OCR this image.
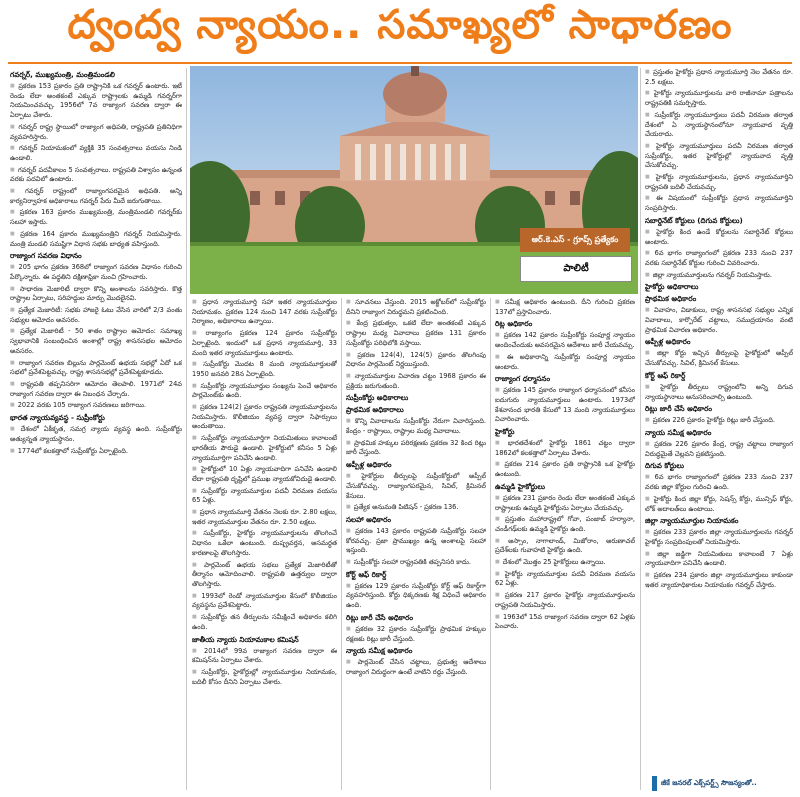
ద్వంద్వ న్యాయం.. సమాఖ్యలో సాధారణం
గవర్నర్‌, ముఖ్యమంత్రి, మంత్రిమండలి

■ ప్రకరణ 153 ప్రకారం ప్రతి రాష్ట్రానికి ఒక గవర్నర్‌ ఉంటారు. ఇటీ రెండు లేదా అంతకంటే ఎక్కువ రాష్ట్రాలకు ఉమ్మడి గవర్నర్‌గా నియమించవచ్చు. 1956లో 7వ రాజ్యాంగ సవరణ ద్వారా ఈ ఏర్పాటు చేశారు.

■ గవర్నర్‌ రాష్ట్ర స్థాయిలో రాజ్యాంగ అధిపతి, రాష్ట్రపతి ప్రతినిధిగా వ్యవహరిస్తారు.

■ గవర్నర్‌ నియామకంలో వ్యక్తికి 35 సంవత్సరాలు వయసు నిండి ఉండాలి.

■ గవర్నర్‌ పదవీకాలం 5 సంవత్సరాలు. రాష్ట్రపతి విశ్వాసం ఉన్నంత వరకు పదవిలో ఉంటారు.

■ గవర్నర్‌ రాష్ట్రంలో రాజ్యాంగపరమైన అధిపతి. అన్ని కార్యనిర్వాహక అధికారాలు గవర్నర్‌ పేరు మీదే జరుగుతాయి.

■ ప్రకరణ 163 ప్రకారం ముఖ్యమంత్రి, మంత్రిమండలి గవర్నర్‌కు సలహా ఇస్తారు.

■ ప్రకరణ 164 ప్రకారం ముఖ్యమంత్రిని గవర్నర్‌ నియమిస్తారు. మంత్రి మండలి సమష్టిగా విధాన సభకు బాధ్యత వహిస్తుంది.

రాజ్యాంగ సవరణ విధానం

■ 205 భాగం ప్రకరణ 368లో రాజ్యాంగ సవరణ విధానం గురించి పేర్కొన్నారు. ఈ పద్ధతిని దక్షిణాఫ్రికా నుంచి గ్రహించారు.

■ సాధారణ మెజారిటీ ద్వారా కొన్ని అంశాలను సవరిస్తారు. కొత్త రాష్ట్రాల ఏర్పాటు, సరిహద్దుల మార్పు మొదలైనవి.

■ ప్రత్యేక మెజారిటీ: సభకు హాజరై ఓటు వేసిన వారిలో 2/3 వంతు సభ్యుల ఆమోదం అవసరం.

■ ప్రత్యేక మెజారిటీ - 50 శాతం రాష్ట్రాల ఆమోదం: సమాఖ్య స్వభావానికి సంబంధించిన అంశాల్లో రాష్ట్ర శాసనసభల ఆమోదం అవసరం.

■ రాజ్యాంగ సవరణ బిల్లును పార్లమెంట్‌ ఉభయ సభల్లో ఏదో ఒక సభలో ప్రవేశపెట్టవచ్చు. రాష్ట్ర శాసనసభల్లో ప్రవేశపెట్టకూడదు.

■ రాష్ట్రపతి తప్పనిసరిగా ఆమోదం తెలపాలి. 1971లో 24వ రాజ్యాంగ సవరణ ద్వారా ఈ నిబంధన చేర్చారు.

■ 2022 వరకు 105 రాజ్యాంగ సవరణలు జరిగాయి.

భారత న్యాయవ్యవస్థ - సుప్రీంకోర్టు

■ దేశంలో ఏకీకృత, సమగ్ర న్యాయ వ్యవస్థ ఉంది. సుప్రీంకోర్టు అత్యున్నత న్యాయస్థానం.

■ 1774లో కలకత్తాలో సుప్రీంకోర్టు ఏర్పాటైంది.

ఆర్‌.కె.ఎస్‌ - గ్రూప్స్‌ ప్రత్యేకం
పాలిటీ

■ ప్రధాన న్యాయమూర్తి సహా ఇతర న్యాయమూర్తుల నియామకం. ప్రకరణ 124 నుంచి 147 వరకు సుప్రీంకోర్టు నిర్మాణం, అధికారాలు ఉన్నాయి.

■ రాజ్యాంగం ప్రకరణ 124 ప్రకారం సుప్రీంకోర్టు ఏర్పాటైంది. ఇందులో ఒక ప్రధాన న్యాయమూర్తి, 33 మంది ఇతర న్యాయమూర్తులు ఉంటారు.

■ సుప్రీంకోర్టు మొదట 8 మంది న్యాయమూర్తులతో 1950 జనవరి 28న ఏర్పాటైంది.

■ సుప్రీంకోర్టు న్యాయమూర్తుల సంఖ్యను పెంచే అధికారం పార్లమెంట్‌కు ఉంది.

■ ప్రకరణ 124(2) ప్రకారం రాష్ట్రపతి న్యాయమూర్తులను నియమిస్తారు. కొలీజియం వ్యవస్థ ద్వారా సిఫార్సులు అందుతాయి.

■ సుప్రీంకోర్టు న్యాయమూర్తిగా నియమితులు కావాలంటే భారతీయ పౌరుడై ఉండాలి. హైకోర్టులో కనీసం 5 ఏళ్లు న్యాయమూర్తిగా పనిచేసి ఉండాలి.

■ హైకోర్టులో 10 ఏళ్లు న్యాయవాదిగా పనిచేసి ఉండాలి లేదా రాష్ట్రపతి దృష్టిలో ప్రముఖ న్యాయకోవిదుడై ఉండాలి.

■ సుప్రీంకోర్టు న్యాయమూర్తుల పదవీ విరమణ వయసు 65 ఏళ్లు.

■ ప్రధాన న్యాయమూర్తి వేతనం నెలకు రూ. 2.80 లక్షలు, ఇతర న్యాయమూర్తుల వేతనం రూ. 2.50 లక్షలు.

■ సుప్రీంకోర్టు, హైకోర్టు న్యాయమూర్తులను తొలగించే విధానం ఒకేలా ఉంటుంది. దుష్ప్రవర్తన, అసమర్థత కారణాలపై తొలగిస్తారు.

■ పార్లమెంట్‌ ఉభయ సభలు ప్రత్యేక మెజారిటీతో తీర్మానం ఆమోదించాలి. రాష్ట్రపతి ఉత్తర్వుల ద్వారా తొలగిస్తారు.

■ 1993లో రెండో న్యాయమూర్తుల కేసులో కొలీజియం వ్యవస్థను ప్రవేశపెట్టారు.

■ సుప్రీంకోర్టు తన తీర్పులను సమీక్షించే అధికారం కలిగి ఉంది.

జాతీయ న్యాయ నియామకాల కమిషన్‌

■ 2014లో 99వ రాజ్యాంగ సవరణ ద్వారా ఈ కమిషన్‌ను ఏర్పాటు చేశారు.

■ సుప్రీంకోర్టు, హైకోర్టుల్లో న్యాయమూర్తుల నియామకం, బదిలీ కోసం దీనిని ఏర్పాటు చేశారు.

■ సూచనలు చేస్తుంది. 2015 అక్టోబర్‌లో సుప్రీంకోర్టు దీనిని రాజ్యాంగ విరుద్ధమని ప్రకటించింది.

■ కేంద్ర ప్రభుత్వం, ఒకటి లేదా అంతకంటే ఎక్కువ రాష్ట్రాల మధ్య వివాదాలు ప్రకరణ 131 ప్రకారం సుప్రీంకోర్టు పరిధిలోకి వస్తాయి.

■ ప్రకరణ 124(4), 124(5) ప్రకారం తొలగింపు విధానం పార్లమెంట్‌ నిర్ణయిస్తుంది.

■ న్యాయమూర్తుల విచారణ చట్టం 1968 ప్రకారం ఈ ప్రక్రియ జరుగుతుంది.

సుప్రీంకోర్టు అధికారాలు
ప్రాథమిక అధికారాలు

■ కొన్ని వివాదాలను సుప్రీంకోర్టు నేరుగా విచారిస్తుంది. కేంద్రం - రాష్ట్రాలు, రాష్ట్రాల మధ్య వివాదాలు.

■ ప్రాథమిక హక్కుల పరిరక్షణకు ప్రకరణ 32 కింద రిట్లు జారీ చేస్తుంది.

అప్పీళ్ల అధికారం

■ హైకోర్టుల తీర్పులపై సుప్రీంకోర్టులో అప్పీల్‌ చేసుకోవచ్చు. రాజ్యాంగపరమైన, సివిల్‌, క్రిమినల్‌ కేసులు.

■ ప్రత్యేక అనుమతి పిటిషన్‌ - ప్రకరణ 136.

సలహా అధికారం

■ ప్రకరణ 143 ప్రకారం రాష్ట్రపతి సుప్రీంకోర్టు సలహా కోరవచ్చు. ప్రజా ప్రాముఖ్యం ఉన్న అంశాలపై సలహా ఇస్తుంది.

■ సుప్రీంకోర్టు సలహా రాష్ట్రపతికి తప్పనిసరి కాదు.

కోర్ట్‌ ఆఫ్‌ రికార్డ్‌

■ ప్రకరణ 129 ప్రకారం సుప్రీంకోర్టు కోర్ట్‌ ఆఫ్‌ రికార్డ్‌గా వ్యవహరిస్తుంది. కోర్టు ధిక్కరణకు శిక్ష విధించే అధికారం ఉంది.

రిట్లు జారీ చేసే అధికారం

■ ప్రకరణ 32 ప్రకారం సుప్రీంకోర్టు ప్రాథమిక హక్కుల రక్షణకు రిట్లు జారీ చేస్తుంది.

న్యాయ సమీక్ష అధికారం

■ పార్లమెంట్‌ చేసిన చట్టాలు, ప్రభుత్వ ఆదేశాలు రాజ్యాంగ విరుద్ధంగా ఉంటే వాటిని రద్దు చేస్తుంది.

■ సమీక్ష అధికారం ఉంటుంది. దీని గురించి ప్రకరణ 137లో ప్రస్తావించారు.

రిట్ల అధికారం

■ ప్రకరణ 142 ప్రకారం సుప్రీంకోర్టు సంపూర్ణ న్యాయం అందించేందుకు అవసరమైన ఆదేశాలు జారీ చేయవచ్చు.

■ ఈ అధికారాన్ని సుప్రీంకోర్టు సంపూర్ణ న్యాయం అంటారు.

రాజ్యాంగ ధర్మాసనం

■ ప్రకరణ 145 ప్రకారం రాజ్యాంగ ధర్మాసనంలో కనీసం ఐదుగురు న్యాయమూర్తులు ఉంటారు. 1973లో కేశవానంద భారతి కేసులో 13 మంది న్యాయమూర్తులు విచారించారు.

హైకోర్టు

■ భారతదేశంలో హైకోర్టు 1861 చట్టం ద్వారా 1862లో కలకత్తాలో ఏర్పాటు చేశారు.

■ ప్రకరణ 214 ప్రకారం ప్రతి రాష్ట్రానికి ఒక హైకోర్టు ఉంటుంది.

ఉమ్మడి హైకోర్టులు

■ ప్రకరణ 231 ప్రకారం రెండు లేదా అంతకంటే ఎక్కువ రాష్ట్రాలకు ఉమ్మడి హైకోర్టును ఏర్పాటు చేయవచ్చు.

■ ప్రస్తుతం మహారాష్ట్రలో గోవా, పంజాబ్‌ హర్యానా, చండీగఢ్‌లకు ఉమ్మడి హైకోర్టు ఉంది.

■ అస్సాం, నాగాలాండ్‌, మిజోరాం, అరుణాచల్‌ ప్రదేశ్‌లకు గువాహటి హైకోర్టు ఉంది.

■ దేశంలో మొత్తం 25 హైకోర్టులు ఉన్నాయి.

■ హైకోర్టు న్యాయమూర్తుల పదవీ విరమణ వయసు 62 ఏళ్లు.

■ ప్రకరణ 217 ప్రకారం హైకోర్టు న్యాయమూర్తులను రాష్ట్రపతి నియమిస్తారు.

■ 1963లో 15వ రాజ్యాంగ సవరణ ద్వారా 62 ఏళ్లకు పెంచారు.

■ ప్రస్తుతం హైకోర్టు ప్రధాన న్యాయమూర్తి నెల వేతనం రూ. 2.5 లక్షలు.

■ హైకోర్టు న్యాయమూర్తులను వారి రాజీనామా పత్రాలను రాష్ట్రపతికి సమర్పిస్తారు.

■ సుప్రీంకోర్టు న్యాయమూర్తులు పదవీ విరమణ తర్వాత దేశంలో ఏ న్యాయస్థానంలోనూ న్యాయవాద వృత్తి చేయరాదు.

■ హైకోర్టు న్యాయమూర్తులు పదవీ విరమణ తర్వాత సుప్రీంకోర్టు, ఇతర హైకోర్టుల్లో న్యాయవాద వృత్తి చేసుకోవచ్చు.

■ హైకోర్టు న్యాయమూర్తులను, ప్రధాన న్యాయమూర్తిని రాష్ట్రపతి బదిలీ చేయవచ్చు.

■ ఈ విషయంలో సుప్రీంకోర్టు ప్రధాన న్యాయమూర్తిని సంప్రదిస్తారు.

సబార్డినేట్‌ కోర్టులు (దిగువ కోర్టులు)

■ హైకోర్టు కింద ఉండే కోర్టులను సబార్డినేట్‌ కోర్టులు అంటారు.

■ 6వ భాగం రాజ్యాంగంలో ప్రకరణ 233 నుంచి 237 వరకు సబార్డినేట్‌ కోర్టుల గురించి వివరించారు.

■ జిల్లా న్యాయమూర్తులను గవర్నర్‌ నియమిస్తారు.

హైకోర్టు అధికారాలు
ప్రాథమిక అధికారం

■ వివాహం, విడాకులు, రాష్ట్ర శాసనసభ సభ్యుల ఎన్నిక వివాదాలు, కార్పొరేట్‌ చట్టాలు, సముద్రయానం వంటి ప్రాథమిక విచారణ అధికారం.

అప్పీళ్ల అధికారం

■ జిల్లా కోర్టు ఇచ్చిన తీర్పులపై హైకోర్టులో అప్పీల్‌ చేసుకోవచ్చు. సివిల్‌, క్రిమినల్‌ కేసులు.

కోర్ట్‌ ఆఫ్‌ రికార్డ్‌

■ హైకోర్టు తీర్పులు రాష్ట్రంలోని అన్ని దిగువ న్యాయస్థానాలు అనుసరించాల్సి ఉంటుంది.

రిట్లు జారీ చేసే అధికారం

■ ప్రకరణ 226 ప్రకారం హైకోర్టు రిట్లు జారీ చేస్తుంది.

న్యాయ సమీక్ష అధికారం

■ ప్రకరణ 226 ప్రకారం కేంద్ర, రాష్ట్ర చట్టాలు రాజ్యాంగ విరుద్ధమైతే చెల్లవని ప్రకటిస్తుంది.

దిగువ కోర్టులు

■ 6వ భాగం రాజ్యాంగంలో ప్రకరణ 233 నుంచి 237 వరకు జిల్లా కోర్టుల గురించి ఉంది.

■ హైకోర్టు కింద జిల్లా కోర్టు, సెషన్స్‌ కోర్టు, మున్సిఫ్‌ కోర్టు, లోక్‌ అదాలత్‌లు ఉంటాయి.

జిల్లా న్యాయమూర్తుల నియామకం

■ ప్రకరణ 233 ప్రకారం జిల్లా న్యాయమూర్తులను గవర్నర్‌ హైకోర్టు సంప్రదింపులతో నియమిస్తారు.

■ జిల్లా జడ్జిగా నియమితులు కావాలంటే 7 ఏళ్లు న్యాయవాదిగా పనిచేసి ఉండాలి.

■ ప్రకరణ 234 ప్రకారం జిల్లా న్యాయమూర్తులు కాకుండా ఇతర న్యాయాధికారుల నియామకం గవర్నర్‌ చేస్తారు.

జీకే జనరల్‌ ఎక్స్‌పర్ట్స్‌ సౌజన్యంతో..
